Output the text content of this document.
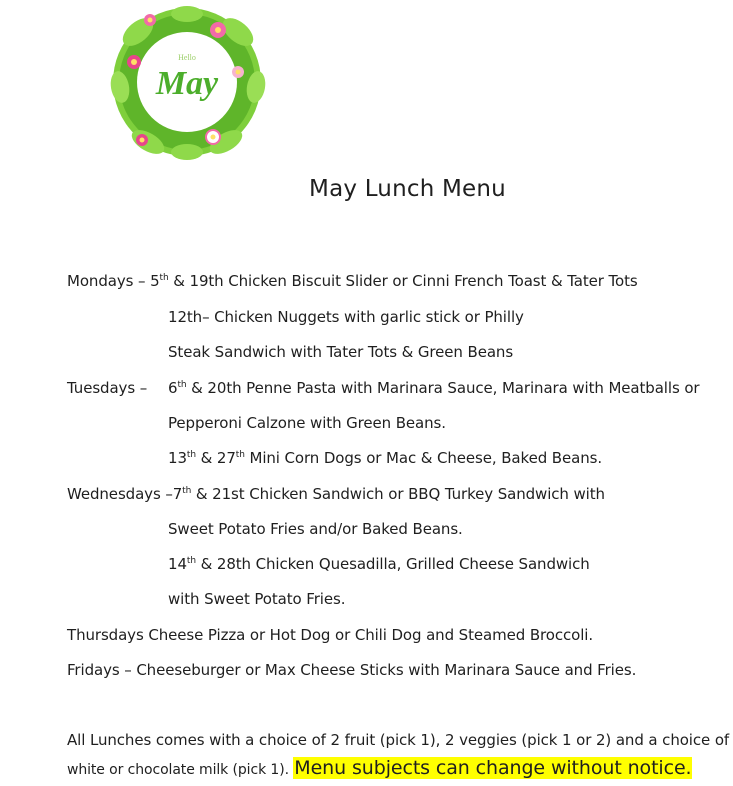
Hello
May
May Lunch Menu
Mondays – 5th & 19th Chicken Biscuit Slider or Cinni French Toast & Tater Tots
12th– Chicken Nuggets with garlic stick or Philly
Steak Sandwich with Tater Tots & Green Beans
Tuesdays – 6th & 20th Penne Pasta with Marinara Sauce, Marinara with Meatballs or
Pepperoni Calzone with Green Beans.
13th & 27th Mini Corn Dogs or Mac & Cheese, Baked Beans.
Wednesdays –7th & 21st Chicken Sandwich or BBQ Turkey Sandwich with
Sweet Potato Fries and/or Baked Beans.
14th & 28th Chicken Quesadilla, Grilled Cheese Sandwich
with Sweet Potato Fries.
Thursdays Cheese Pizza or Hot Dog or Chili Dog and Steamed Broccoli.
Fridays – Cheeseburger or Max Cheese Sticks with Marinara Sauce and Fries.
All Lunches comes with a choice of 2 fruit (pick 1), 2 veggies (pick 1 or 2) and a choice of
white or chocolate milk (pick 1). Menu subjects can change without notice.
